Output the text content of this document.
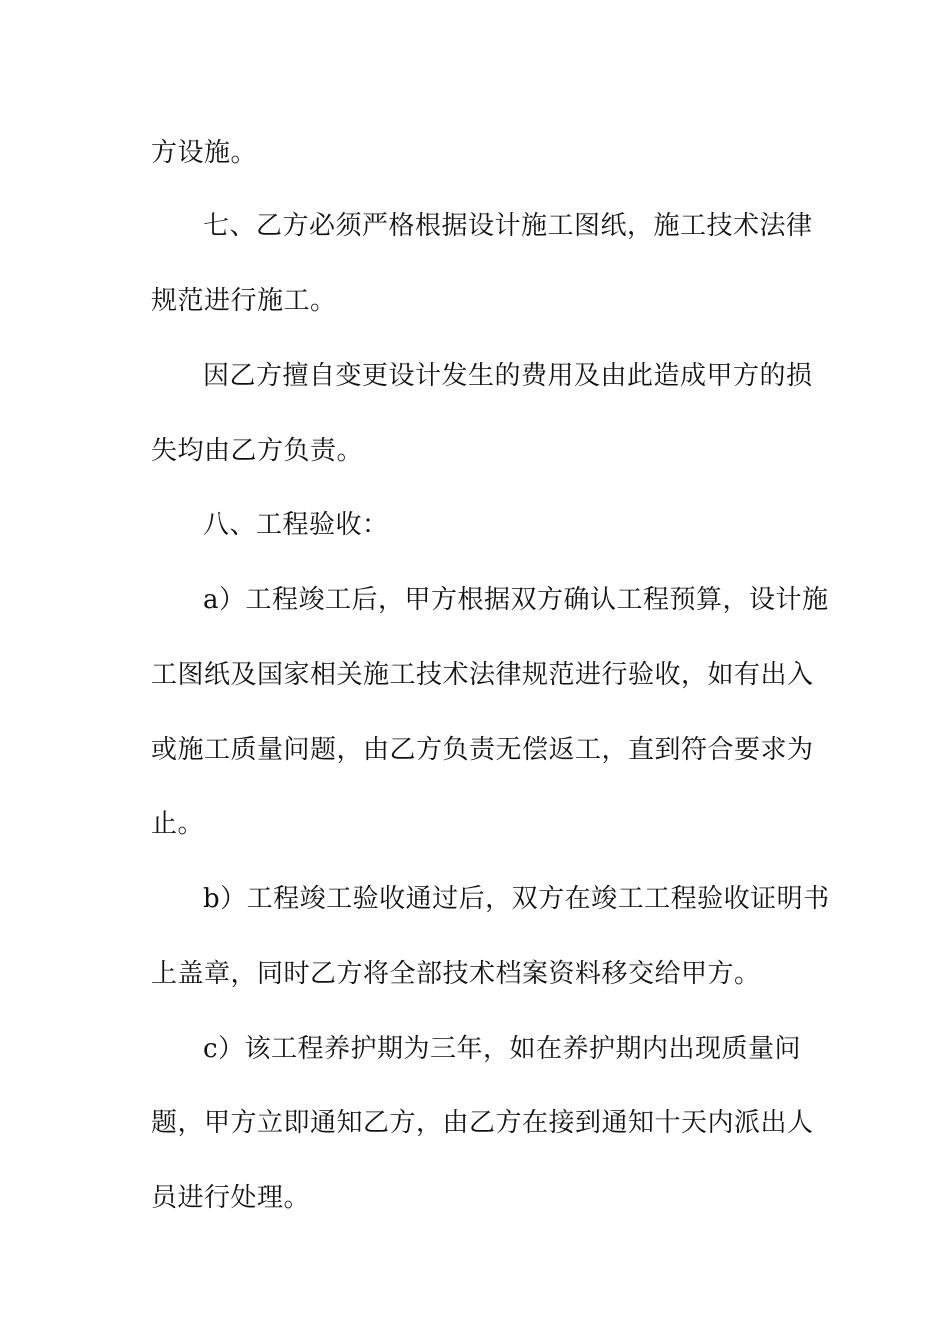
方设施。
七、乙方必须严格根据设计施工图纸，施工技术法律
规范进行施工。
因乙方擅自变更设计发生的费用及由此造成甲方的损
失均由乙方负责。
八、工程验收：
a）工程竣工后，甲方根据双方确认工程预算，设计施
工图纸及国家相关施工技术法律规范进行验收，如有出入
或施工质量问题，由乙方负责无偿返工，直到符合要求为
止。
b）工程竣工验收通过后，双方在竣工工程验收证明书
上盖章，同时乙方将全部技术档案资料移交给甲方。
c）该工程养护期为三年，如在养护期内出现质量问
题，甲方立即通知乙方，由乙方在接到通知十天内派出人
员进行处理。
